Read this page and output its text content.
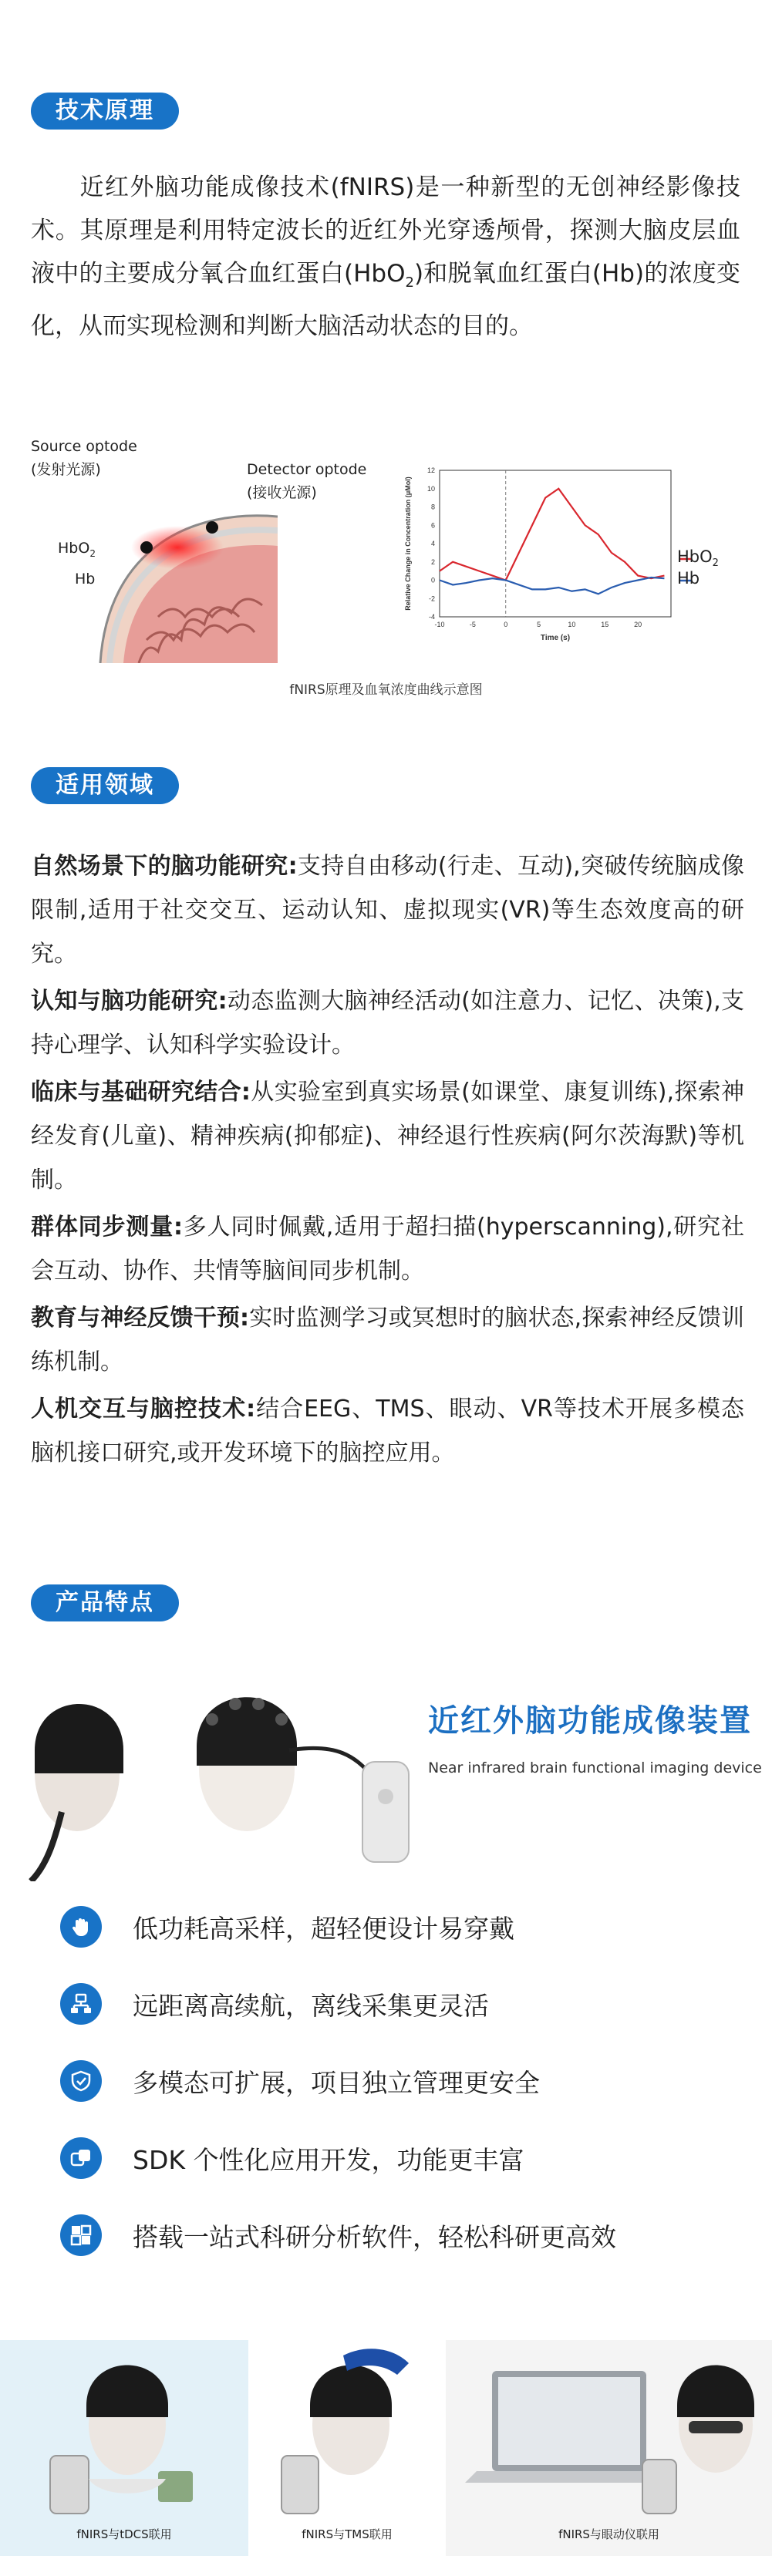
技术原理

近红外脑功能成像技术(fNIRS)是一种新型的无创神经影像技术。其原理是利用特定波长的近红外光穿透颅骨，探测大脑皮层血液中的主要成分氧合血红蛋白(HbO$_2$)和脱氧血红蛋白(Hb)的浓度变化，从而实现检测和判断大脑活动状态的目的。

Source optode
(发射光源)	Detector optode
(接收光源)
HbO$_2$
Hb
-4
-2
0
2
4
6
8
10
12
-10	-5	0	5	10	15	20
Time (s)
Relative Change in Concentration (μMol)	HbO$_2$
Hb
fNIRS原理及血氧浓度曲线示意图
适用领域

自然场景下的脑功能研究:支持自由移动(行走、互动),突破传统脑成像限制,适用于社交交互、运动认知、虚拟现实(VR)等生态效度高的研究。

认知与脑功能研究:动态监测大脑神经活动(如注意力、记忆、决策),支持心理学、认知科学实验设计。

临床与基础研究结合:从实验室到真实场景(如课堂、康复训练),探索神经发育(儿童)、精神疾病(抑郁症)、神经退行性疾病(阿尔茨海默)等机制。

群体同步测量:多人同时佩戴,适用于超扫描(hyperscanning),研究社会互动、协作、共情等脑间同步机制。

教育与神经反馈干预:实时监测学习或冥想时的脑状态,探索神经反馈训练机制。

人机交互与脑控技术:结合EEG、TMS、眼动、VR等技术开展多模态脑机接口研究,或开发环境下的脑控应用。

产品特点
近红外脑功能成像装置
Near infrared brain functional imaging device
低功耗高采样，超轻便设计易穿戴
远距离高续航，离线采集更灵活
多模态可扩展，项目独立管理更安全
SDK 个性化应用开发，功能更丰富
搭载一站式科研分析软件，轻松科研更高效
fNIRS与tDCS联用	fNIRS与TMS联用	fNIRS与眼动仪联用
